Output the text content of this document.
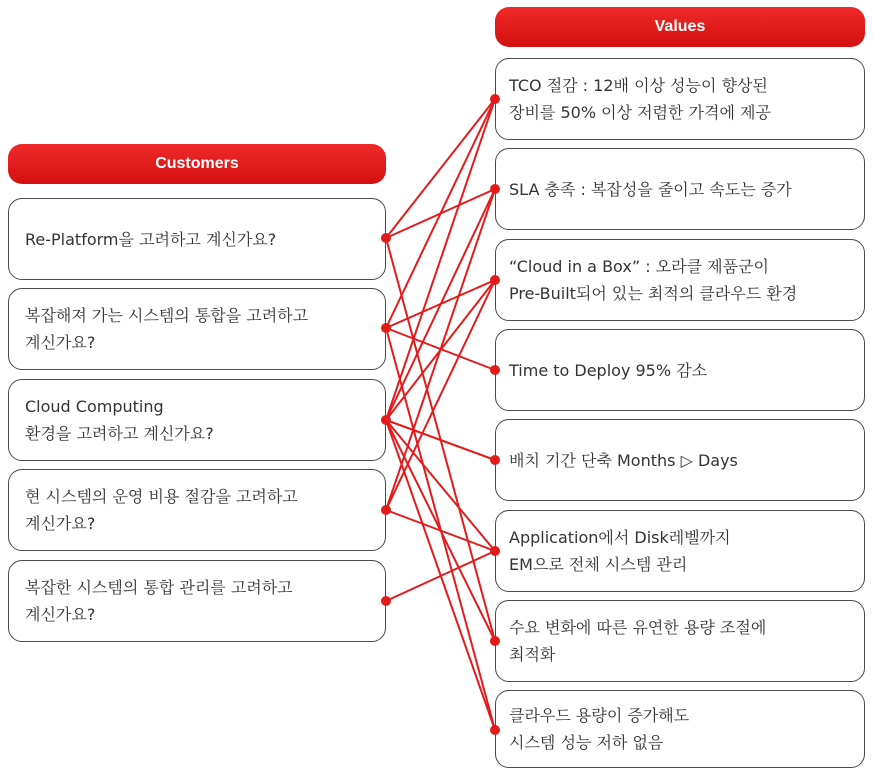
Customers
Values
Re-Platform을 고려하고 계신가요?
복잡해져 가는 시스템의 통합을 고려하고
계신가요?
Cloud Computing
환경을 고려하고 계신가요?
현 시스템의 운영 비용 절감을 고려하고
계신가요?
복잡한 시스템의 통합 관리를 고려하고
계신가요?
TCO 절감 : 12배 이상 성능이 향상된
장비를 50% 이상 저렴한 가격에 제공
SLA 충족 : 복잡성을 줄이고 속도는 증가
“Cloud in a Box” : 오라클 제품군이
Pre-Built되어 있는 최적의 클라우드 환경
Time to Deploy 95% 감소
배치 기간 단축 Months ▷ Days
Application에서 Disk레벨까지
EM으로 전체 시스템 관리
수요 변화에 따른 유연한 용량 조절에
최적화
클라우드 용량이 증가해도
시스템 성능 저하 없음
